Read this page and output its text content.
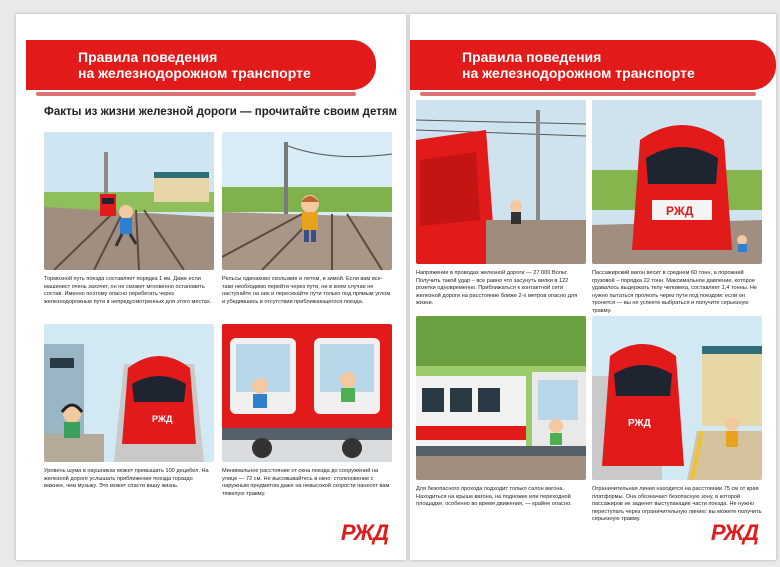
Правила поведения
на железнодорожном транспорте
Факты из жизни железной дороги — прочитайте своим детям
Тормозной путь поезда составляет порядка 1 км. Даже если машинист очень захочет, он не сможет мгновенно остановить состав. Именно поэтому опасно перебегать через железнодорожные пути в непредусмотренных для этого местах.
Рельсы одинаково скользкие и летом, и зимой. Если вам все-таки необходимо перейти через пути, ни в коем случае не наступайте на них и пересекайте пути только под прямым углом и убедившись в отсутствии приближающегося поезда.
РЖД
Уровень шума в наушниках может превышать 100 децибел. На железной дороге услышать приближение поезда гораздо важнее, чем музыку. Это может спасти вашу жизнь.
Минимальное расстояние от окна поезда до сооружений на улице — 72 см. Не высовывайтесь в окно: столкновение с наружным предметом даже на невысокой скорости нанесет вам тяжелую травму.
РЖД
Правила поведения
на железнодорожном транспорте
Напряжение в проводах железной дороги — 27 000 Вольт. Получить такой удар – все равно что засунуть вилки в 122 розетки одновременно. Приближаться к контактной сети железной дороги на расстояние ближе 2-х метров опасно для жизни.
РЖД
Пассажирский вагон весит в среднем 60 тонн, а порожний грузовой – порядка 22 тонн. Максимальное давление, которое удавалось выдержать телу человека, составляет 1,4 тонны. Не нужно пытаться пролезть через пути под поездом: если он тронется — вы не успеете выбраться и получите серьезную травму.
Для безопасного прохода подходит только салон вагона. Находиться на крыше вагона, на подножке или переходной площадке, особенно во время движения, — крайне опасно.
РЖД
Ограничительная линия находится на расстоянии 75 см от края платформы. Она обозначает безопасную зону, в которой пассажиров не заденет выступающие части поезда. Не нужно переступать через ограничительную линию: вы можете получить серьезную травму.
РЖД
